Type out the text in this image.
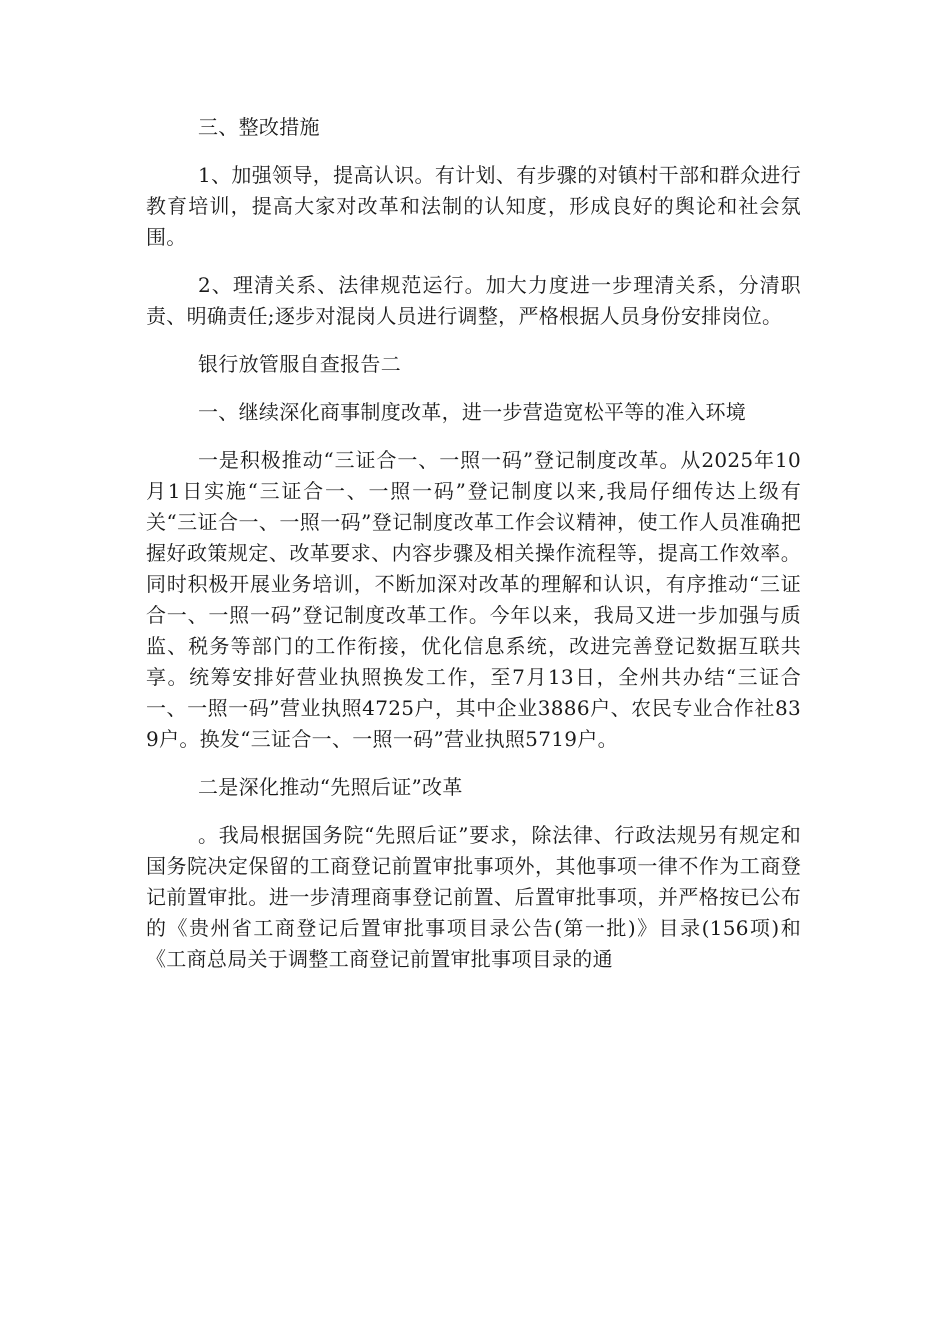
三、整改措施

1、加强领导，提高认识。有计划、有步骤的对镇村干部和群众进行教育培训，提高大家对改革和法制的认知度，形成良好的舆论和社会氛围。

2、理清关系、法律规范运行。加大力度进一步理清关系，分清职责、明确责任;逐步对混岗人员进行调整，严格根据人员身份安排岗位。

银行放管服自查报告二

一、继续深化商事制度改革，进一步营造宽松平等的准入环境

一是积极推动“三证合一、一照一码”登记制度改革。从2025年10月1日实施“三证合一、一照一码”登记制度以来,我局仔细传达上级有关“三证合一、一照一码”登记制度改革工作会议精神，使工作人员准确把握好政策规定、改革要求、内容步骤及相关操作流程等，提高工作效率。同时积极开展业务培训，不断加深对改革的理解和认识，有序推动“三证合一、一照一码”登记制度改革工作。今年以来，我局又进一步加强与质监、税务等部门的工作衔接，优化信息系统，改进完善登记数据互联共享。统筹安排好营业执照换发工作，至7月13日，全州共办结“三证合一、一照一码”营业执照4725户，其中企业3886户、农民专业合作社839户。换发“三证合一、一照一码”营业执照5719户。

二是深化推动“先照后证”改革

。我局根据国务院“先照后证”要求，除法律、行政法规另有规定和国务院决定保留的工商登记前置审批事项外，其他事项一律不作为工商登记前置审批。进一步清理商事登记前置、后置审批事项，并严格按已公布的《贵州省工商登记后置审批事项目录公告(第一批)》目录(156项)和《工商总局关于调整工商登记前置审批事项目录的通
